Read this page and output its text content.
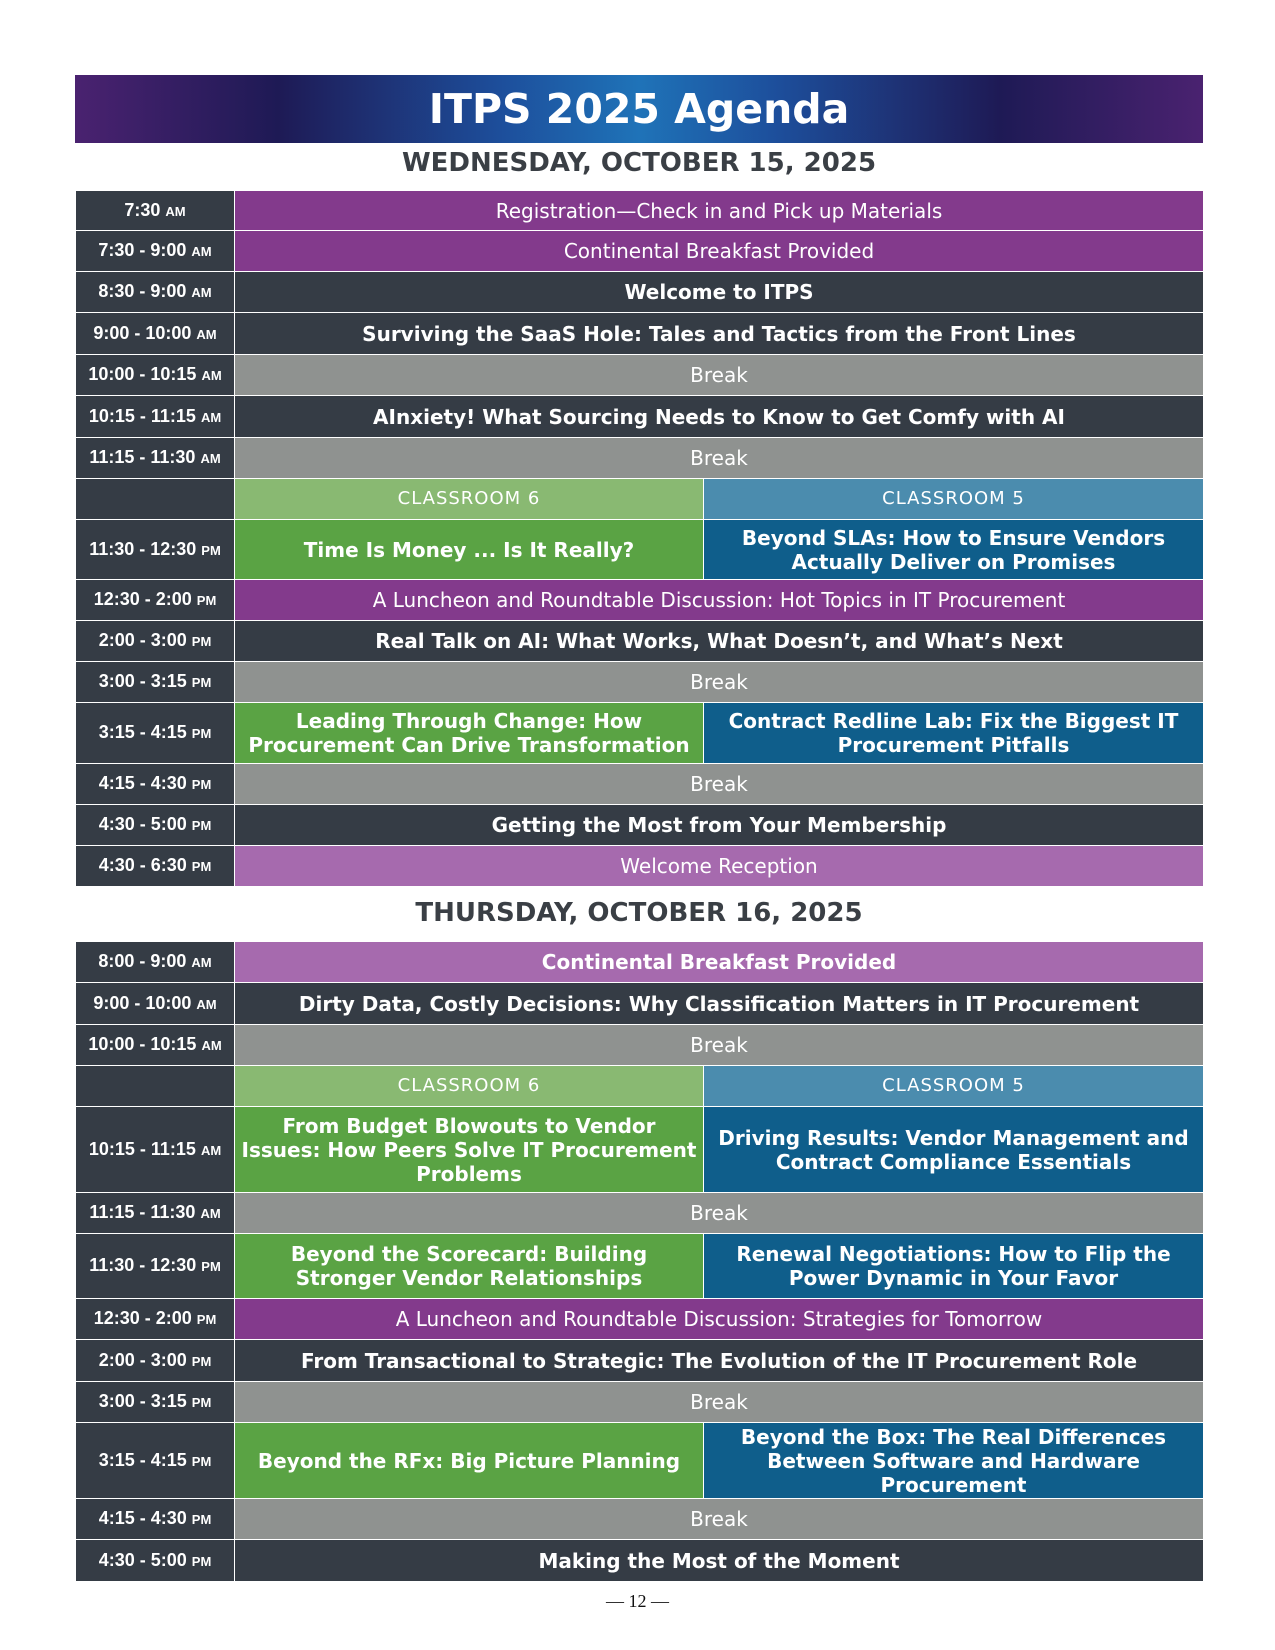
ITPS 2025 Agenda
WEDNESDAY, OCTOBER 15, 2025
7:30 AM	Registration—Check in and Pick up Materials	
7:30 - 9:00 AM	Continental Breakfast Provided	
8:30 - 9:00 AM	Welcome to ITPS	
9:00 - 10:00 AM	Surviving the SaaS Hole: Tales and Tactics from the Front Lines	
10:00 - 10:15 AM	Break	
10:15 - 11:15 AM	AInxiety! What Sourcing Needs to Know to Get Comfy with AI	
11:15 - 11:30 AM	Break	
	CLASSROOM 6	CLASSROOM 5
11:30 - 12:30 PM	Time Is Money ... Is It Really?	Beyond SLAs: How to Ensure Vendors Actually Deliver on Promises
12:30 - 2:00 PM	A Luncheon and Roundtable Discussion: Hot Topics in IT Procurement	
2:00 - 3:00 PM	Real Talk on AI: What Works, What Doesn’t, and What’s Next	
3:00 - 3:15 PM	Break	
3:15 - 4:15 PM	Leading Through Change: How Procurement Can Drive Transformation	Contract Redline Lab: Fix the Biggest IT Procurement Pitfalls
4:15 - 4:30 PM	Break	
4:30 - 5:00 PM	Getting the Most from Your Membership	
4:30 - 6:30 PM	Welcome Reception	
THURSDAY, OCTOBER 16, 2025
8:00 - 9:00 AM	Continental Breakfast Provided	
9:00 - 10:00 AM	Dirty Data, Costly Decisions: Why Classification Matters in IT Procurement	
10:00 - 10:15 AM	Break	
	CLASSROOM 6	CLASSROOM 5
10:15 - 11:15 AM	From Budget Blowouts to Vendor Issues: How Peers Solve IT Procurement Problems	Driving Results: Vendor Management and Contract Compliance Essentials
11:15 - 11:30 AM	Break	
11:30 - 12:30 PM	Beyond the Scorecard: Building Stronger Vendor Relationships	Renewal Negotiations: How to Flip the Power Dynamic in Your Favor
12:30 - 2:00 PM	A Luncheon and Roundtable Discussion: Strategies for Tomorrow	
2:00 - 3:00 PM	From Transactional to Strategic: The Evolution of the IT Procurement Role	
3:00 - 3:15 PM	Break	
3:15 - 4:15 PM	Beyond the RFx: Big Picture Planning	Beyond the Box: The Real Differences Between Software and Hardware Procurement
4:15 - 4:30 PM	Break	
4:30 - 5:00 PM	Making the Most of the Moment	
— 12 —
